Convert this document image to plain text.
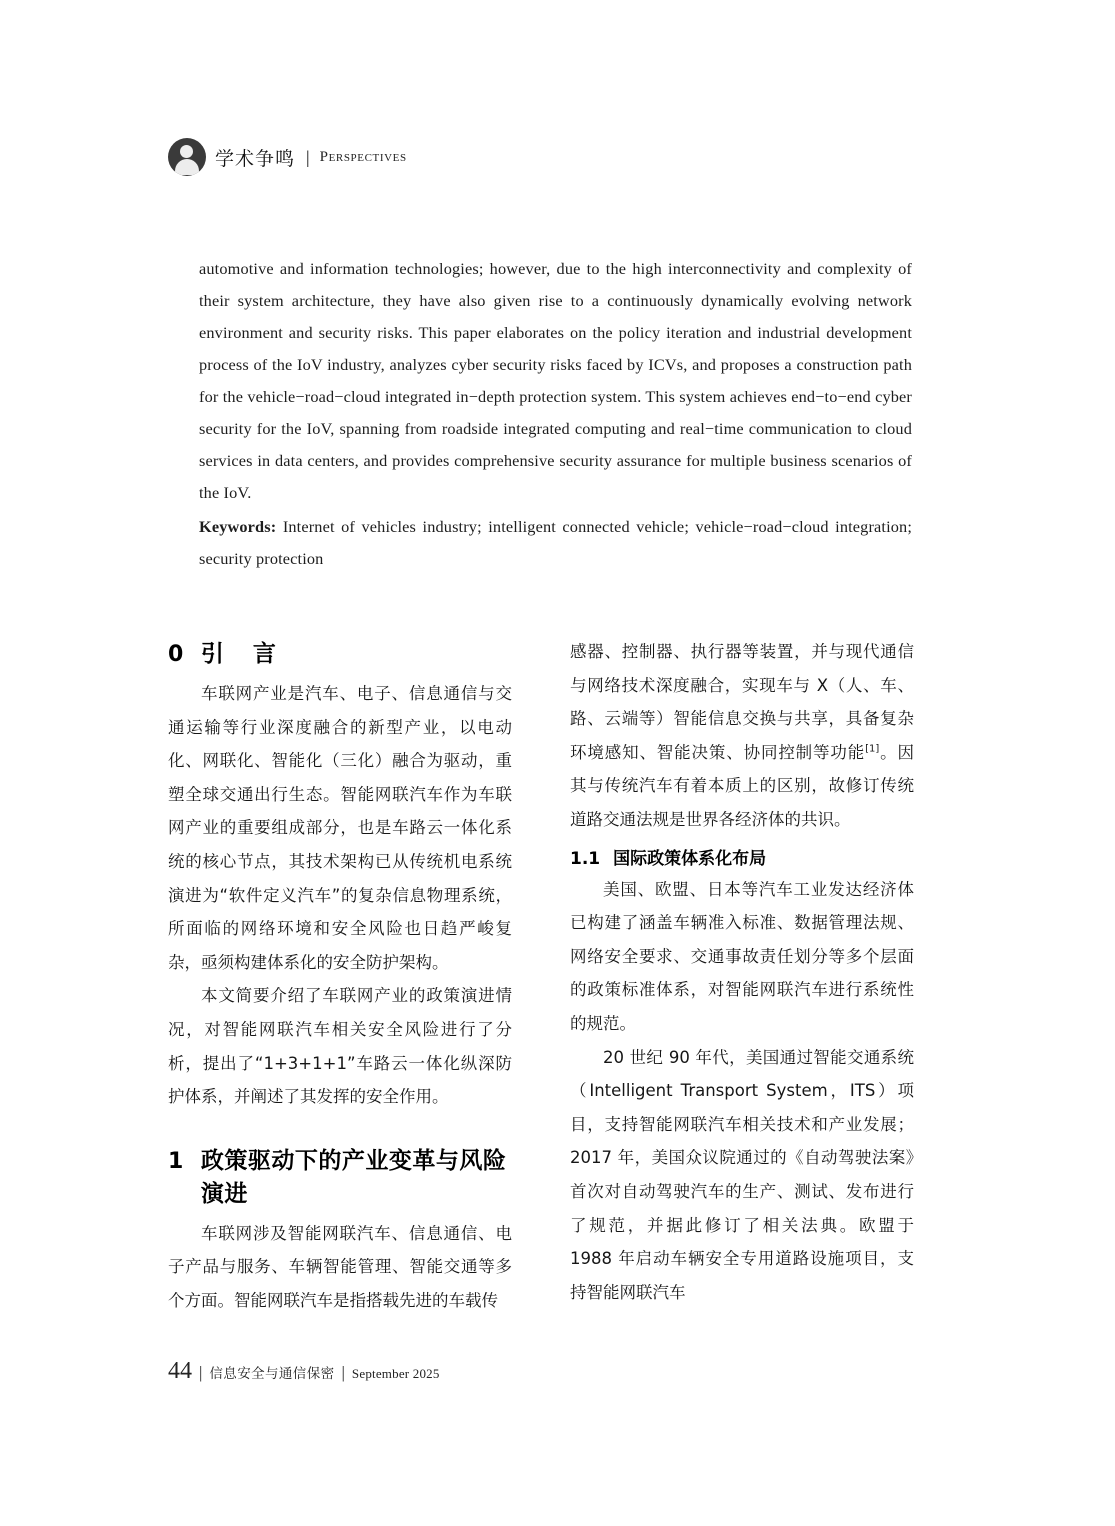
学术争鸣 | Perspectives

automotive and information technologies; however, due to the high interconnectivity and complexity of their system architecture, they have also given rise to a continuously dynamically evolving network environment and security risks. This paper elaborates on the policy iteration and industrial development process of the IoV industry, analyzes cyber security risks faced by ICVs, and proposes a construction path for the vehicle−road−cloud integrated in−depth protection system. This system achieves end−to−end cyber security for the IoV, spanning from roadside integrated computing and real−time communication to cloud services in data centers, and provides comprehensive security assurance for multiple business scenarios of the IoV.

Keywords: Internet of vehicles industry; intelligent connected vehicle; vehicle−road−cloud integration; security protection

0 引　言

车联网产业是汽车、电子、信息通信与交通运输等行业深度融合的新型产业，以电动化、网联化、智能化（三化）融合为驱动，重塑全球交通出行生态。智能网联汽车作为车联网产业的重要组成部分，也是车路云一体化系统的核心节点，其技术架构已从传统机电系统演进为“软件定义汽车”的复杂信息物理系统，所面临的网络环境和安全风险也日趋严峻复杂，亟须构建体系化的安全防护架构。

本文简要介绍了车联网产业的政策演进情况，对智能网联汽车相关安全风险进行了分析，提出了“1+3+1+1”车路云一体化纵深防护体系，并阐述了其发挥的安全作用。

1 政策驱动下的产业变革与风险演进

车联网涉及智能网联汽车、信息通信、电子产品与服务、车辆智能管理、智能交通等多个方面。智能网联汽车是指搭载先进的车载传

感器、控制器、执行器等装置，并与现代通信与网络技术深度融合，实现车与 X（人、车、路、云端等）智能信息交换与共享，具备复杂环境感知、智能决策、协同控制等功能[1]。因其与传统汽车有着本质上的区别，故修订传统道路交通法规是世界各经济体的共识。

1.1 国际政策体系化布局

美国、欧盟、日本等汽车工业发达经济体已构建了涵盖车辆准入标准、数据管理法规、网络安全要求、交通事故责任划分等多个层面的政策标准体系，对智能网联汽车进行系统性的规范。

20 世纪 90 年代，美国通过智能交通系统（Intelligent Transport System，ITS）项目，支持智能网联汽车相关技术和产业发展；2017 年，美国众议院通过的《自动驾驶法案》首次对自动驾驶汽车的生产、测试、发布进行了规范，并据此修订了相关法典。欧盟于 1988 年启动车辆安全专用道路设施项目，支持智能网联汽车

44 | 信息安全与通信保密 | September 2025
